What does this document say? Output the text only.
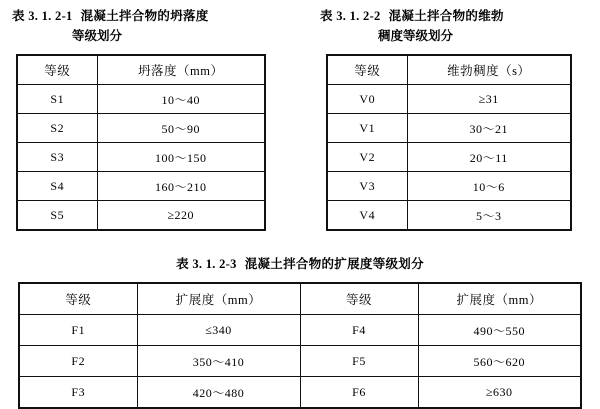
表 3. 1. 2-1 混凝土拌合物的坍落度
等级划分
等级	坍落度（mm）
S1	10～40
S2	50～90
S3	100～150
S4	160～210
S5	≥220
表 3. 1. 2-2 混凝土拌合物的维勃
稠度等级划分
等级	维勃稠度（s）
V0	≥31
V1	30～21
V2	20～11
V3	10～6
V4	5～3
表 3. 1. 2-3 混凝土拌合物的扩展度等级划分
等级	扩展度（mm）	等级	扩展度（mm）
F1	≤340	F4	490～550
F2	350～410	F5	560～620
F3	420～480	F6	≥630
